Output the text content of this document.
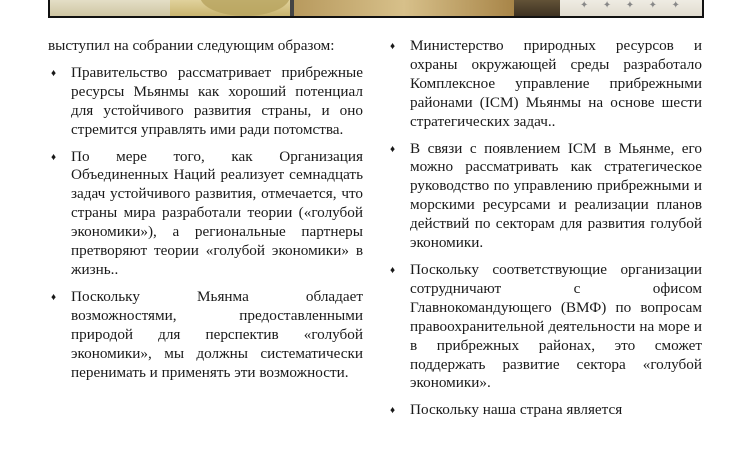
✦ ✦ ✦ ✦ ✦

выступил на собрании следующим образом:

♦ Правительство рассматривает прибрежные ресурсы Мьянмы как хороший потенциал для устойчивого развития страны, и оно стремится управлять ими ради потомства.
♦ По мере того, как Организация Объединенных Наций реализует семнадцать задач устойчивого развития, отмечается, что страны мира разработали теории («голубой экономики»), а региональные партнеры претворяют теории «голубой экономики» в жизнь..
♦ Поскольку Мьянма обладает возможностями, предоставленными природой для перспектив «голубой экономики», мы должны систематически перенимать и применять эти возможности.
♦ Министерство природных ресурсов и охраны окружающей среды разработало Комплексное управление прибрежными районами (ICM) Мьянмы на основе шести стратегических задач..
♦ В связи с появлением ICM в Мьянме, его можно рассматривать как стратегическое руководство по управлению прибрежными и морскими ресурсами и реализации планов действий по секторам для развития голубой экономики.
♦ Поскольку соответствующие организации сотрудничают с офисом Главнокомандующего (ВМФ) по вопросам правоохранительной деятельности на море и в прибрежных районах, это сможет поддержать развитие сектора «голубой экономики».
♦ Поскольку наша страна является
